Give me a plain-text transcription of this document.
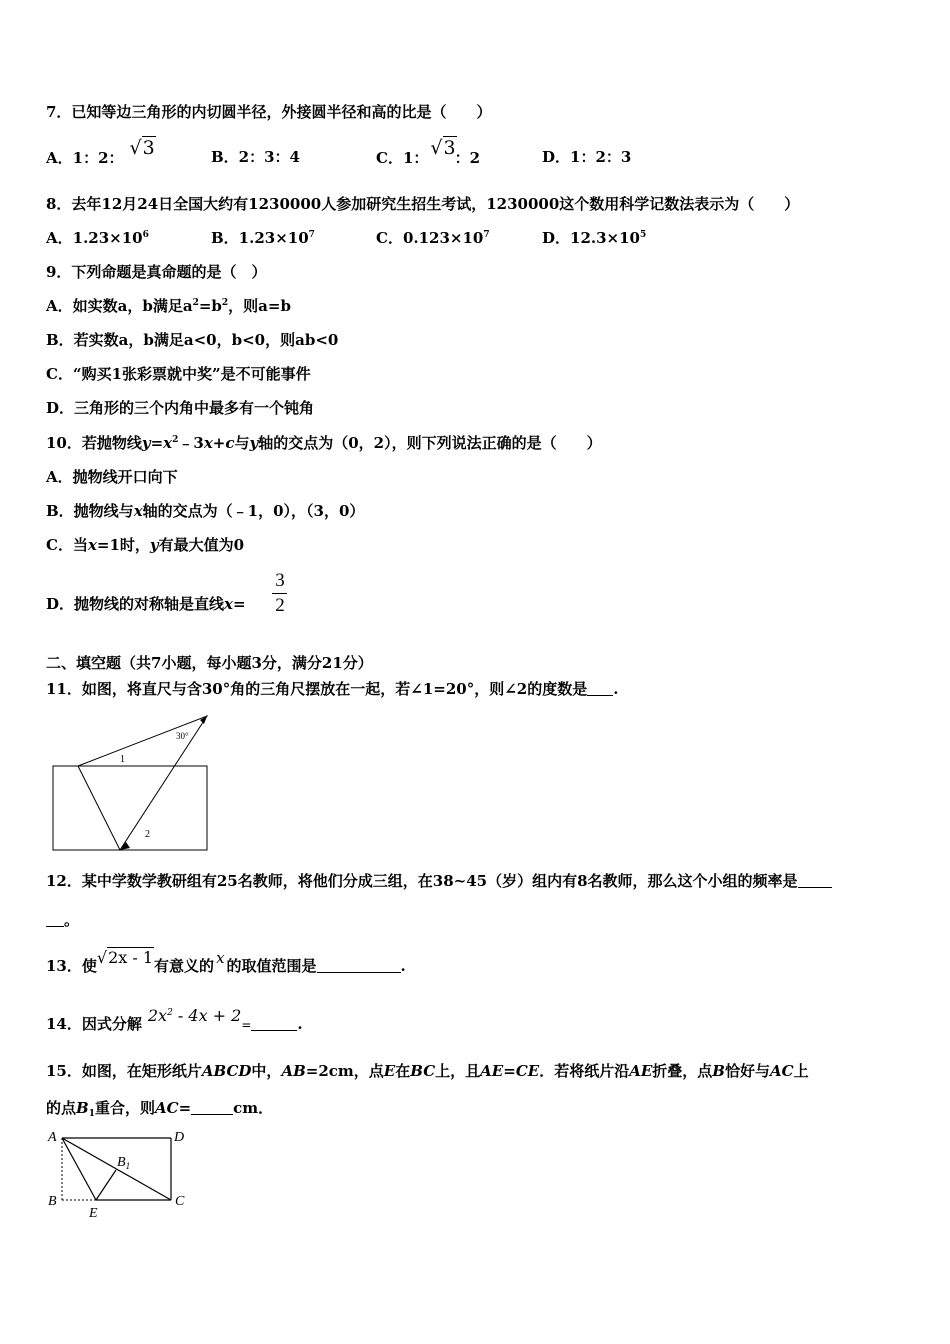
7．已知等边三角形的内切圆半径，外接圆半径和高的比是（　　）
A．1：2： √3	B．2：3：4	C．1： √3：2	D．1：2：3
8．去年12月24日全国大约有1230000人参加研究生招生考试，1230000这个数用科学记数法表示为（　　）
A．$1.23\times 10^6$	B．$1.23\times 10^7$	C．$0.123\times 10^7$	D．$12.3\times 10^5$
9．下列命题是真命题的是（　）
A．如实数a，b满足$a^2=b^2$，则a=b
B．若实数a，b满足a<0，b<0，则ab<0
C．“购买1张彩票就中奖”是不可能事件
D．三角形的三个内角中最多有一个钝角
10．若抛物线$y=x^2﹣3x+c$与y轴的交点为（0，2），则下列说法正确的是（　　）
A．抛物线开口向下
B．抛物线与x轴的交点为（﹣1，0），（3，0）
C．当x=1时，y有最大值为0
D．抛物线的对称轴是直线x=
3
2
二、填空题（共7小题，每小题3分，满分21分）
11．如图，将直尺与含30°角的三角尺摆放在一起，若∠1=20°，则∠2的度数是 .
30°
1
2
12．某中学数学教研组有25名教师，将他们分成三组，在38~45（岁）组内有8名教师，那么这个小组的频率是
。
13．使√2x - 1有意义的 x 的取值范围是	.
14．因式分解 $2x^2 - 4x + 2=$	.
15．如图，在矩形纸片ABCD中，AB=2cm，点E在BC上，且AE=CE．若将纸片沿AE折叠，点B恰好与AC上
的点$B_1$重合，则AC=	cm．
A	D
B	C
E
$B_1$
